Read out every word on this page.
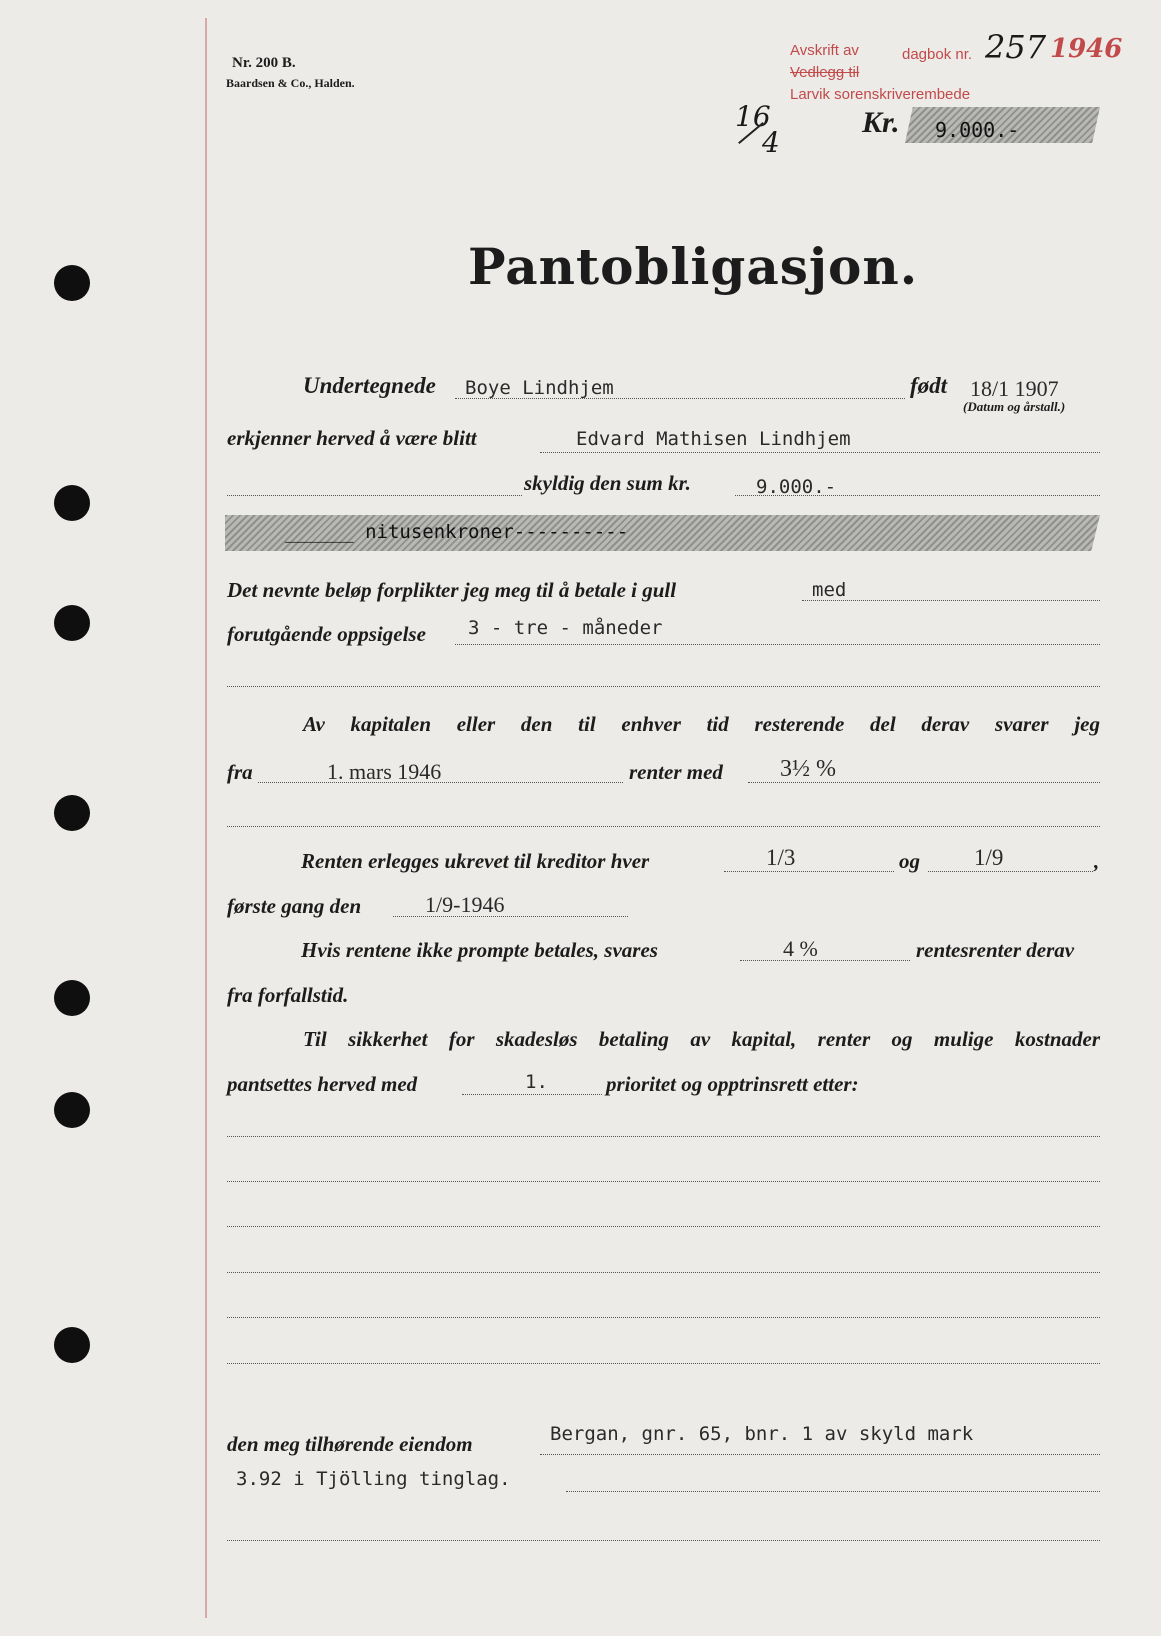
Nr. 200 B.
Baardsen & Co., Halden.
Avskrift av	dagbok nr. 257 1946
Vedlegg til
Larvik sorenskriverembede
16
4
Kr. 9.000.-
Pantobligasjon.
Undertegnede Boye Lindhjem	født 18/1 1907
(Datum og årstall.)
erkjenner herved å være blitt	Edvard Mathisen Lindhjem
skyldig den sum kr.	9.000.-
______ nitusenkroner----------
Det nevnte beløp forplikter jeg meg til å betale i gull	med
forutgående oppsigelse 3 - tre - måneder
Av kapitalen eller den til enhver tid resterende del derav svarer jeg
fra	1. mars 1946	renter med 3½ %
Renten erlegges ukrevet til kreditor hver	1/3	og 1/9	,
første gang den	1/9-1946
Hvis rentene ikke prompte betales, svares	4 %	rentesrenter derav
fra forfallstid.
Til sikkerhet for skadesløs betaling av kapital, renter og mulige kostnader
pantsettes herved med	1.	prioritet og opptrinsrett etter:
den meg tilhørende eiendom	Bergan, gnr. 65, bnr. 1 av skyld mark
3.92 i Tjölling tinglag.
